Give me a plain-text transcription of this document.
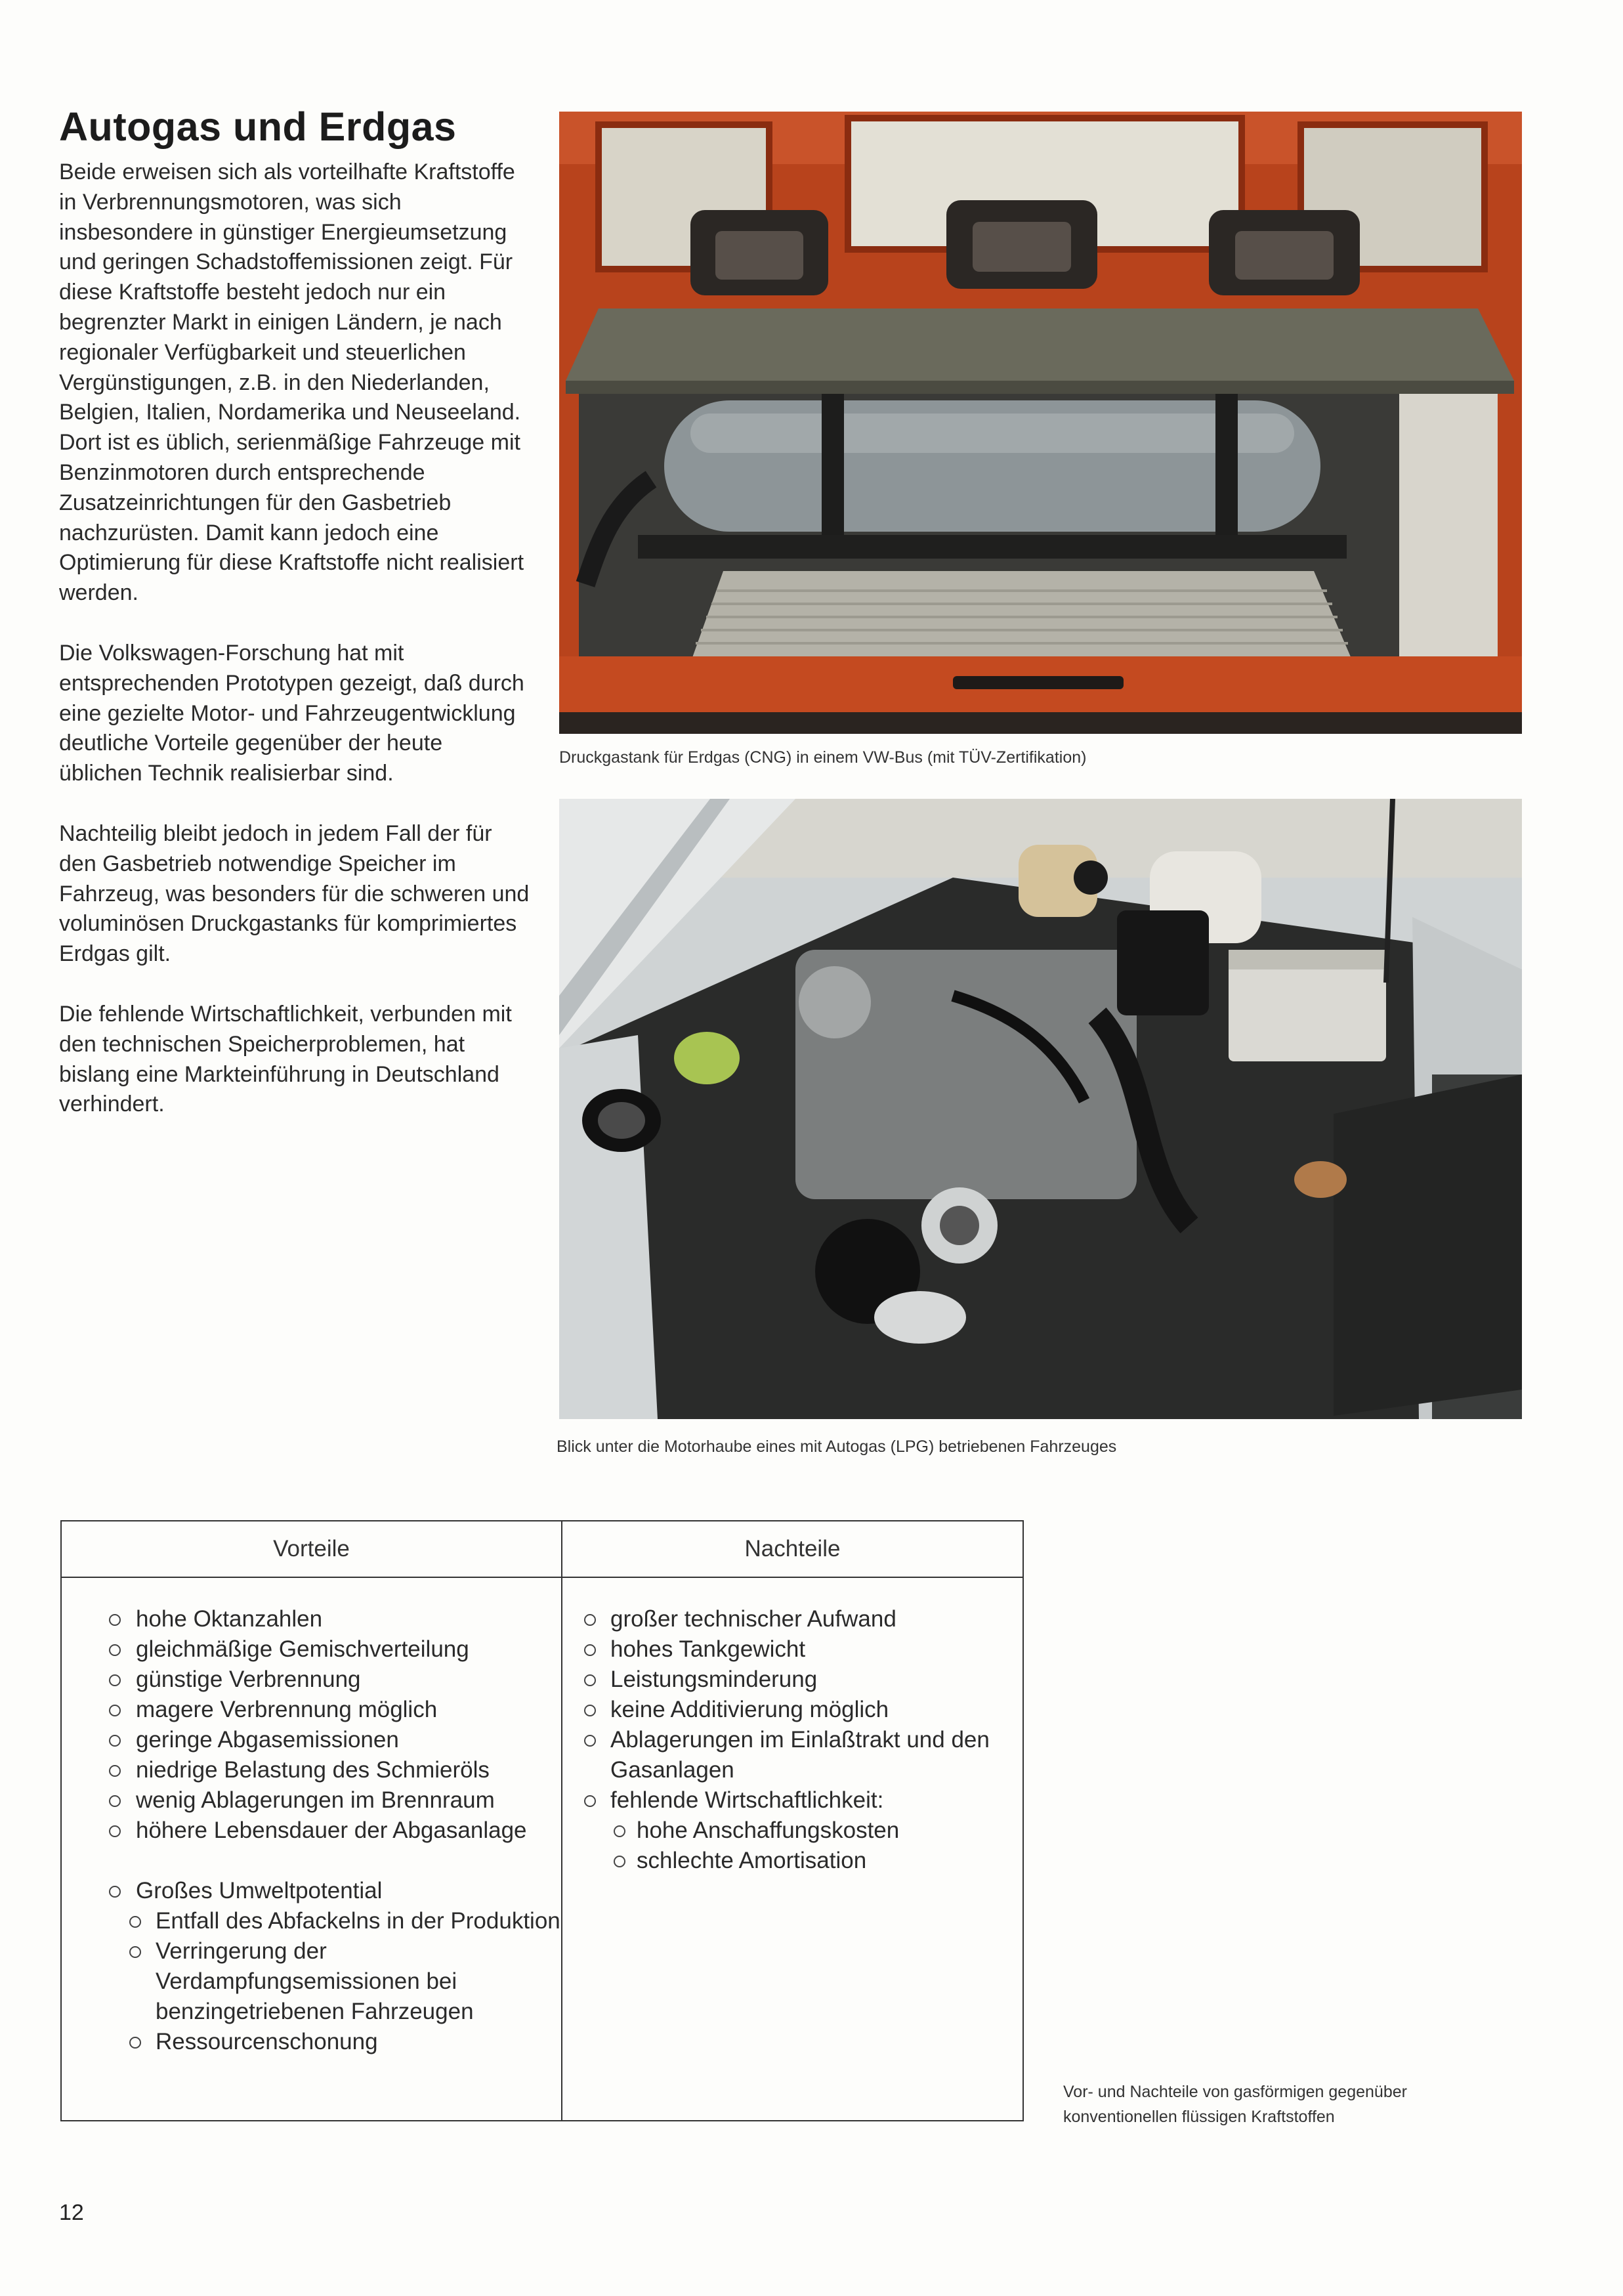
Autogas und Erdgas

Beide erweisen sich als vorteilhafte Kraftstoffe in Verbrennungsmotoren, was sich insbesondere in günstiger Energieumsetzung und geringen Schadstoffemissionen zeigt. Für diese Kraftstoffe besteht jedoch nur ein begrenzter Markt in einigen Ländern, je nach regionaler Verfügbarkeit und steuerlichen Vergünstigungen, z.B. in den Niederlanden, Belgien, Italien, Nordamerika und Neuseeland. Dort ist es üblich, serienmäßige Fahrzeuge mit Benzinmotoren durch entsprechende Zusatzeinrichtungen für den Gasbetrieb nachzurüsten. Damit kann jedoch eine Optimierung für diese Kraftstoffe nicht realisiert werden.

Die Volkswagen-Forschung hat mit entsprechenden Prototypen gezeigt, daß durch eine gezielte Motor- und Fahrzeugentwicklung deutliche Vorteile gegenüber der heute üblichen Technik realisierbar sind.

Nachteilig bleibt jedoch in jedem Fall der für den Gasbetrieb notwendige Speicher im Fahrzeug, was besonders für die schweren und voluminösen Druckgastanks für komprimiertes Erdgas gilt.

Die fehlende Wirtschaftlichkeit, verbunden mit den technischen Speicherproblemen, hat bislang eine Markteinführung in Deutschland verhindert.

Druckgastank für Erdgas (CNG) in einem VW-Bus (mit TÜV-Zertifikation)

Blick unter die Motorhaube eines mit Autogas (LPG) betriebenen Fahrzeuges

Vorteile	Nachteile
hohe Oktanzahlen
gleichmäßige Gemischverteilung
günstige Verbrennung
magere Verbrennung möglich
geringe Abgasemissionen
niedrige Belastung des Schmieröls
wenig Ablagerungen im Brennraum
höhere Lebensdauer der Abgasanlage
Großes Umweltpotential
Entfall des Abfackelns in der Produktion
Verringerung der Verdampfungsemissionen bei benzingetriebenen Fahrzeugen
Ressourcenschonung
großer technischer Aufwand
hohes Tankgewicht
Leistungsminderung
keine Additivierung möglich
Ablagerungen im Einlaßtrakt und den Gasanlagen
fehlende Wirtschaftlichkeit:
hohe Anschaffungskosten
schlechte Amortisation

Vor- und Nachteile von gasförmigen gegenüber konventionellen flüssigen Kraftstoffen

12
